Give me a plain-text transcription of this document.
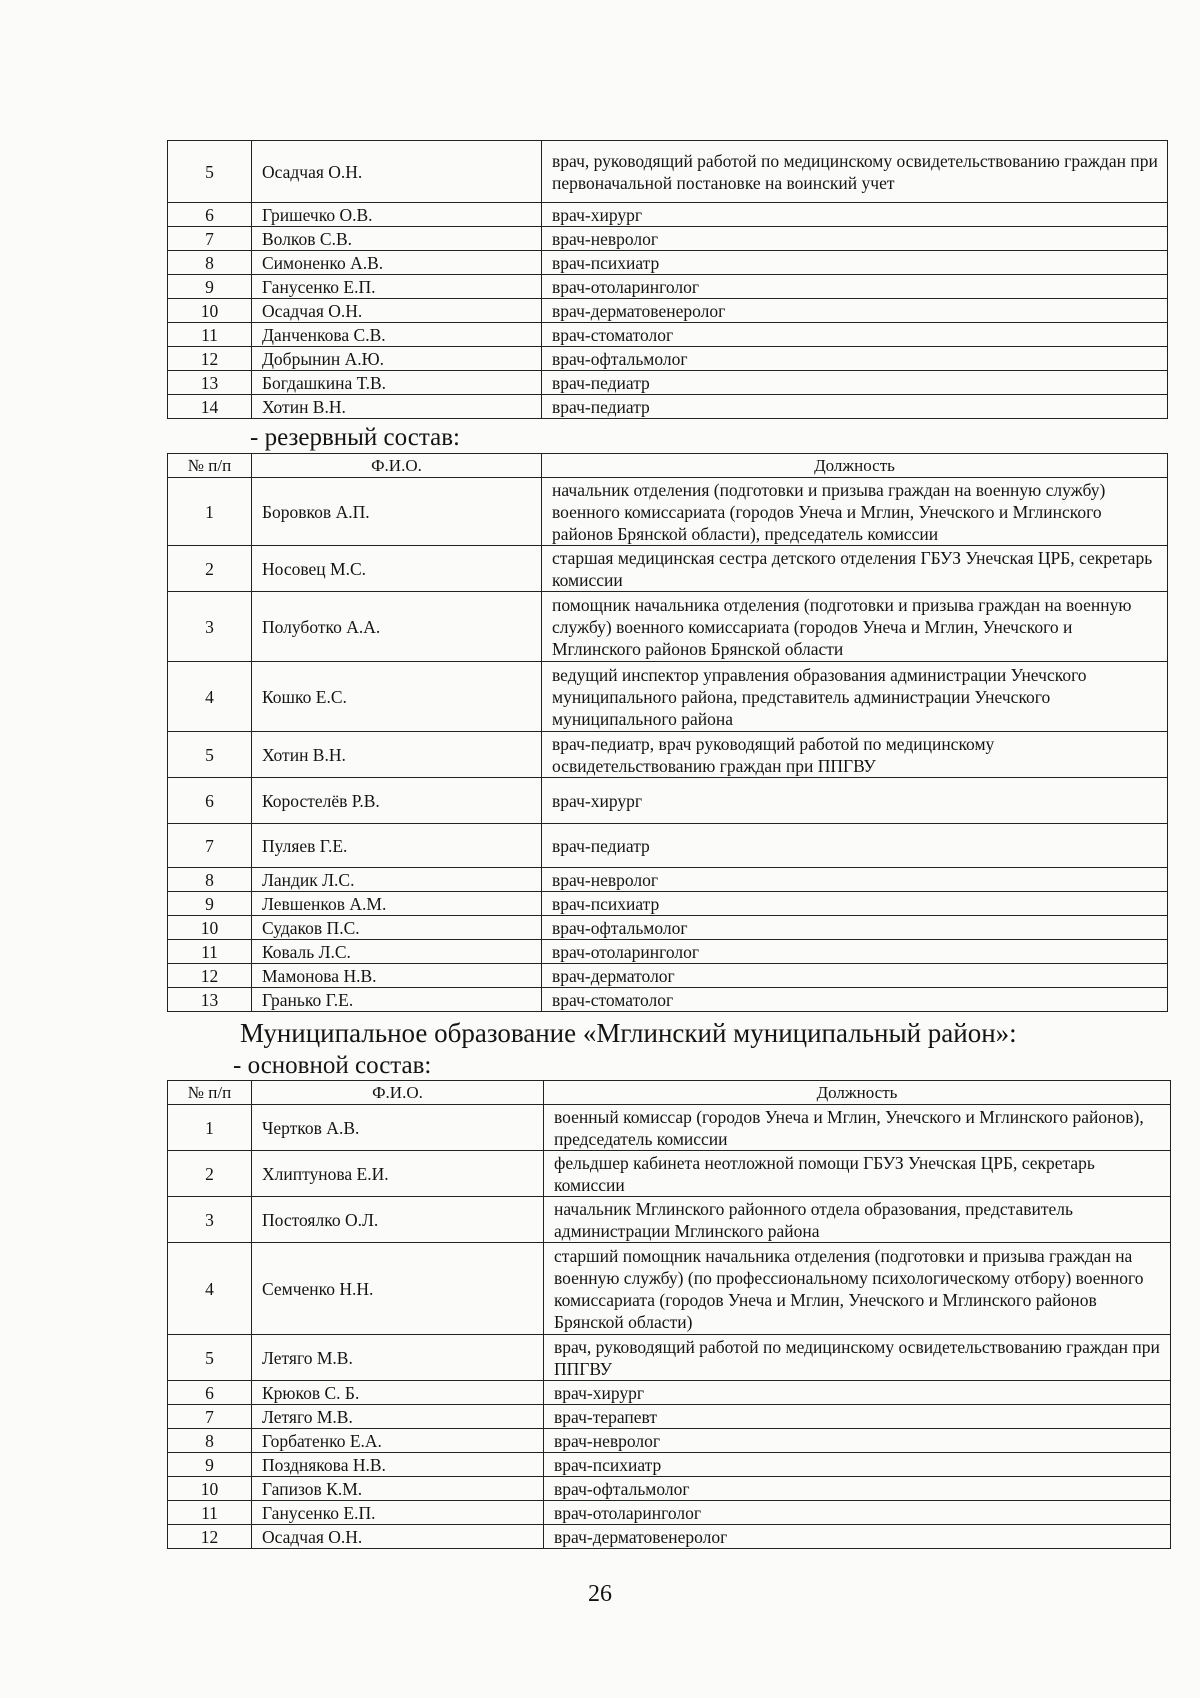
5	Осадчая О.Н.	врач, руководящий работой по медицинскому освидетельствованию граждан при первоначальной постановке на воинский учет
6	Гришечко О.В.	врач-хирург
7	Волков С.В.	врач-невролог
8	Симоненко А.В.	врач-психиатр
9	Ганусенко Е.П.	врач-отоларинголог
10	Осадчая О.Н.	врач-дерматовенеролог
11	Данченкова С.В.	врач-стоматолог
12	Добрынин А.Ю.	врач-офтальмолог
13	Богдашкина Т.В.	врач-педиатр
14	Хотин В.Н.	врач-педиатр
- резервный состав:
№ п/п	Ф.И.О.	Должность
1	Боровков А.П.	начальник отделения (подготовки и призыва граждан на военную службу) военного комиссариата (городов Унеча и Мглин, Унечского и Мглинского районов Брянской области), председатель комиссии
2	Носовец М.С.	старшая медицинская сестра детского отделения ГБУЗ Унечская ЦРБ, секретарь комиссии
3	Полуботко А.А.	помощник начальника отделения (подготовки и призыва граждан на военную службу) военного комиссариата (городов Унеча и Мглин, Унечского и Мглинского районов Брянской области
4	Кошко Е.С.	ведущий инспектор управления образования администрации Унечского муниципального района, представитель администрации Унечского муниципального района
5	Хотин В.Н.	врач-педиатр, врач руководящий работой по медицинскому освидетельствованию граждан при ППГВУ
6	Коростелёв Р.В.	врач-хирург
7	Пуляев Г.Е.	врач-педиатр
8	Ландик Л.С.	врач-невролог
9	Левшенков А.М.	врач-психиатр
10	Судаков П.С.	врач-офтальмолог
11	Коваль Л.С.	врач-отоларинголог
12	Мамонова Н.В.	врач-дерматолог
13	Гранько Г.Е.	врач-стоматолог
Муниципальное образование «Мглинский муниципальный район»:
- основной состав:
№ п/п	Ф.И.О.	Должность
1	Чертков А.В.	военный комиссар (городов Унеча и Мглин, Унечского и Мглинского районов), председатель комиссии
2	Хлиптунова Е.И.	фельдшер кабинета неотложной помощи ГБУЗ Унечская ЦРБ, секретарь комиссии
3	Постоялко О.Л.	начальник Мглинского районного отдела образования, представитель администрации Мглинского района
4	Семченко Н.Н.	старший помощник начальника отделения (подготовки и призыва граждан на военную службу) (по профессиональному психологическому отбору) военного комиссариата (городов Унеча и Мглин, Унечского и Мглинского районов Брянской области)
5	Летяго М.В.	врач, руководящий работой по медицинскому освидетельствованию граждан при ППГВУ
6	Крюков С. Б.	врач-хирург
7	Летяго М.В.	врач-терапевт
8	Горбатенко Е.А.	врач-невролог
9	Позднякова Н.В.	врач-психиатр
10	Гапизов К.М.	врач-офтальмолог
11	Ганусенко Е.П.	врач-отоларинголог
12	Осадчая О.Н.	врач-дерматовенеролог
26
